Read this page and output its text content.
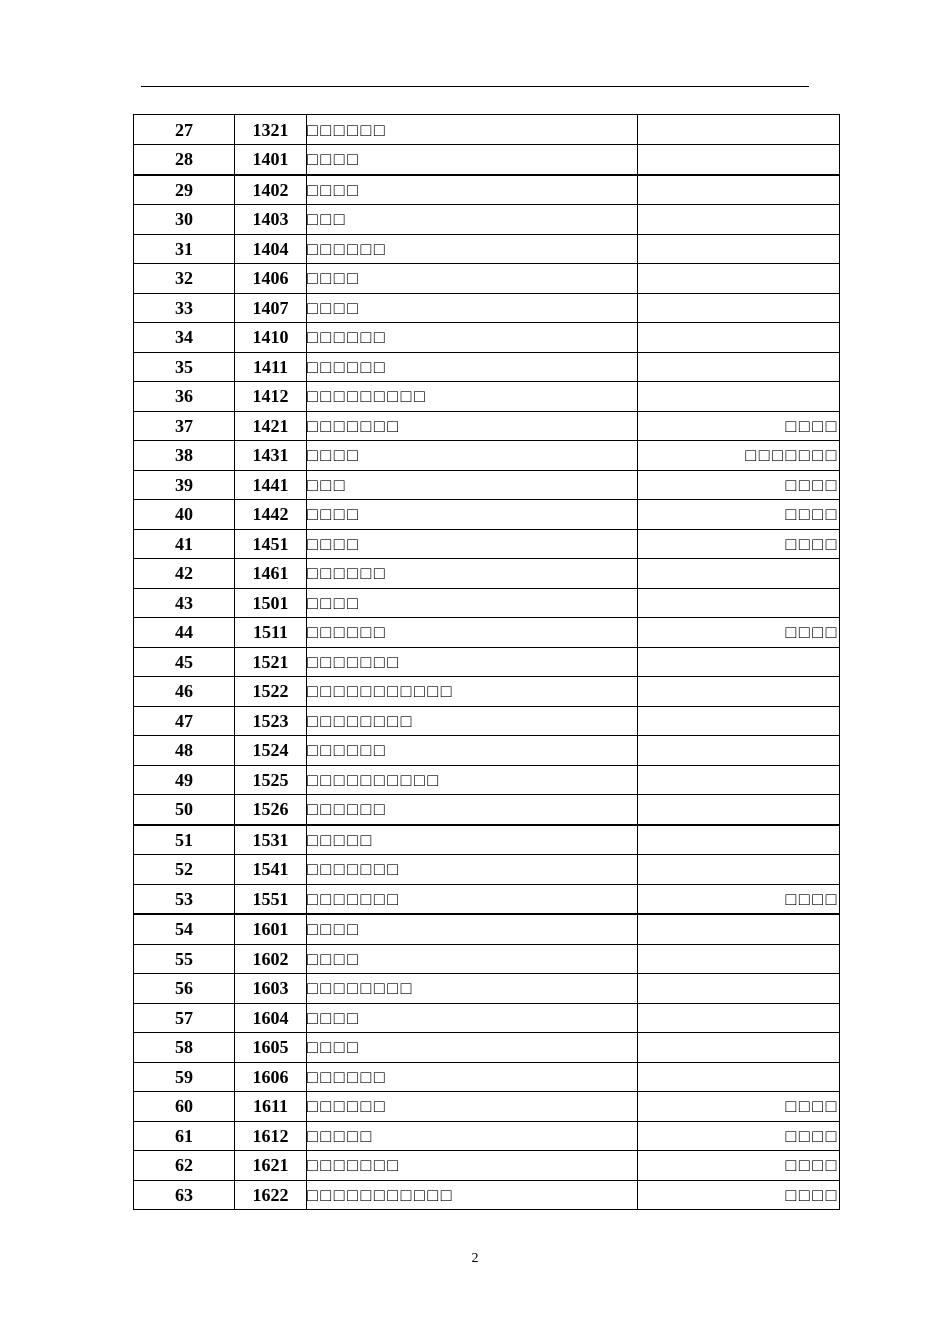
27	1321	□□□□□□	
28	1401	□□□□	
29	1402	□□□□	
30	1403	□□□	
31	1404	□□□□□□	
32	1406	□□□□	
33	1407	□□□□	
34	1410	□□□□□□	
35	1411	□□□□□□	
36	1412	□□□□□□□□□	
37	1421	□□□□□□□	□□□□
38	1431	□□□□	□□□□□□□
39	1441	□□□	□□□□
40	1442	□□□□	□□□□
41	1451	□□□□	□□□□
42	1461	□□□□□□	
43	1501	□□□□	
44	1511	□□□□□□	□□□□
45	1521	□□□□□□□	
46	1522	□□□□□□□□□□□	
47	1523	□□□□□□□□	
48	1524	□□□□□□	
49	1525	□□□□□□□□□□	
50	1526	□□□□□□	
51	1531	□□□□□	
52	1541	□□□□□□□	
53	1551	□□□□□□□	□□□□
54	1601	□□□□	
55	1602	□□□□	
56	1603	□□□□□□□□	
57	1604	□□□□	
58	1605	□□□□	
59	1606	□□□□□□	
60	1611	□□□□□□	□□□□
61	1612	□□□□□	□□□□
62	1621	□□□□□□□	□□□□
63	1622	□□□□□□□□□□□	□□□□
2
